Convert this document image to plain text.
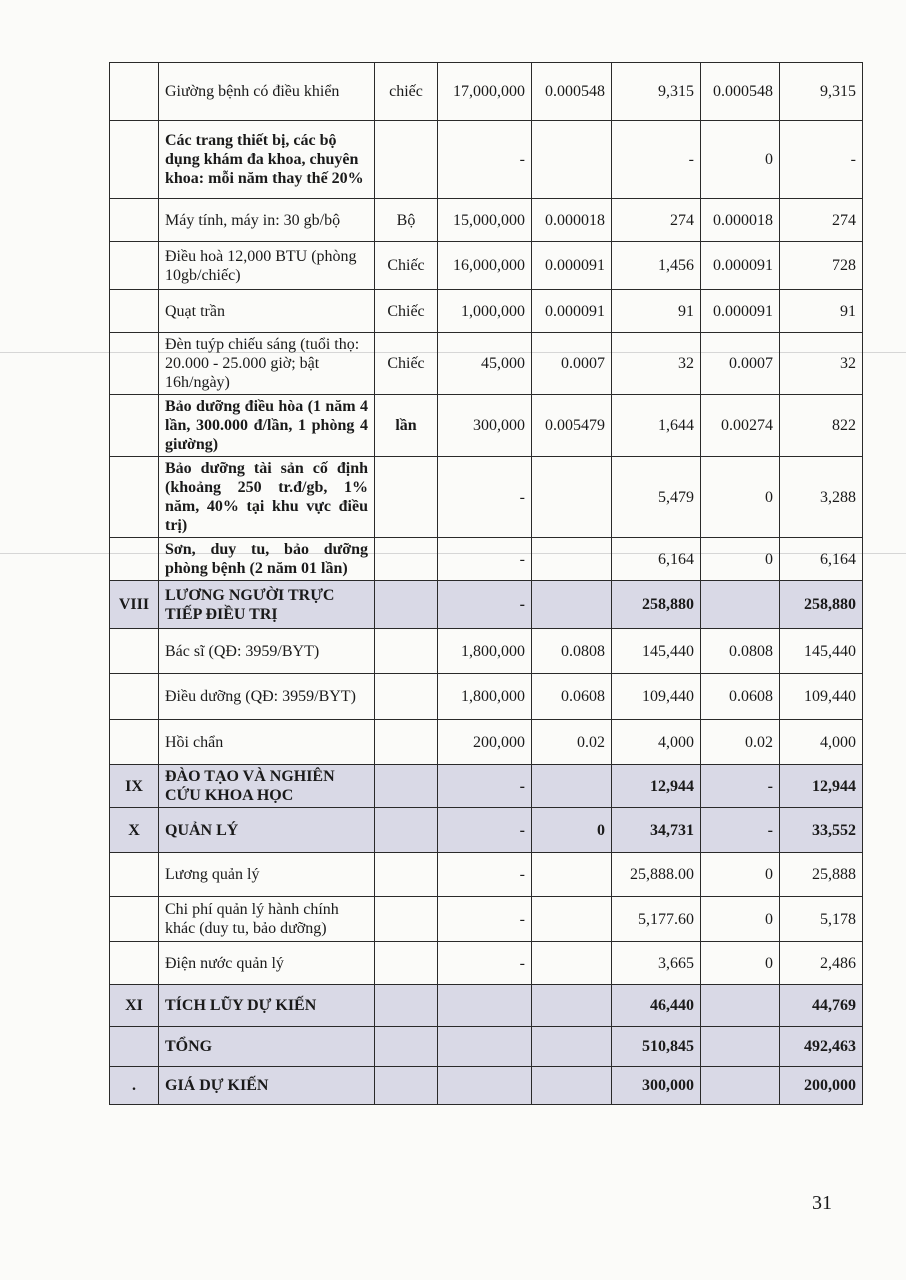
	Giường bệnh có điều khiển	chiếc	17,000,000	0.000548	9,315	0.000548	9,315
	Các trang thiết bị, các bộ dụng khám đa khoa, chuyên khoa: mỗi năm thay thế 20%		-		-	0	-
	Máy tính, máy in: 30 gb/bộ	Bộ	15,000,000	0.000018	274	0.000018	274
	Điều hoà 12,000 BTU (phòng 10gb/chiếc)	Chiếc	16,000,000	0.000091	1,456	0.000091	728
	Quạt trần	Chiếc	1,000,000	0.000091	91	0.000091	91
	Đèn tuýp chiếu sáng (tuổi thọ: 20.000 - 25.000 giờ; bật 16h/ngày)	Chiếc	45,000	0.0007	32	0.0007	32
	Bảo dưỡng điều hòa (1 năm 4 lần, 300.000 đ/lần, 1 phòng 4 giường)	lần	300,000	0.005479	1,644	0.00274	822
	Bảo dưỡng tài sản cố định (khoảng 250 tr.đ/gb, 1% năm, 40% tại khu vực điều trị)		-		5,479	0	3,288
	Sơn, duy tu, bảo dưỡng phòng bệnh (2 năm 01 lần)		-		6,164	0	6,164
VIII	LƯƠNG NGƯỜI TRỰC TIẾP ĐIỀU TRỊ		-		258,880		258,880
	Bác sĩ (QĐ: 3959/BYT)		1,800,000	0.0808	145,440	0.0808	145,440
	Điều dưỡng (QĐ: 3959/BYT)		1,800,000	0.0608	109,440	0.0608	109,440
	Hồi chẩn		200,000	0.02	4,000	0.02	4,000
IX	ĐÀO TẠO VÀ NGHIÊN CỨU KHOA HỌC		-		12,944	-	12,944
X	QUẢN LÝ		-	0	34,731	-	33,552
	Lương quản lý		-		25,888.00	0	25,888
	Chi phí quản lý hành chính khác (duy tu, bảo dưỡng)		-		5,177.60	0	5,178
	Điện nước quản lý		-		3,665	0	2,486
XI	TÍCH LŨY DỰ KIẾN				46,440		44,769
	TỔNG				510,845		492,463
.	GIÁ DỰ KIẾN				300,000		200,000
31
